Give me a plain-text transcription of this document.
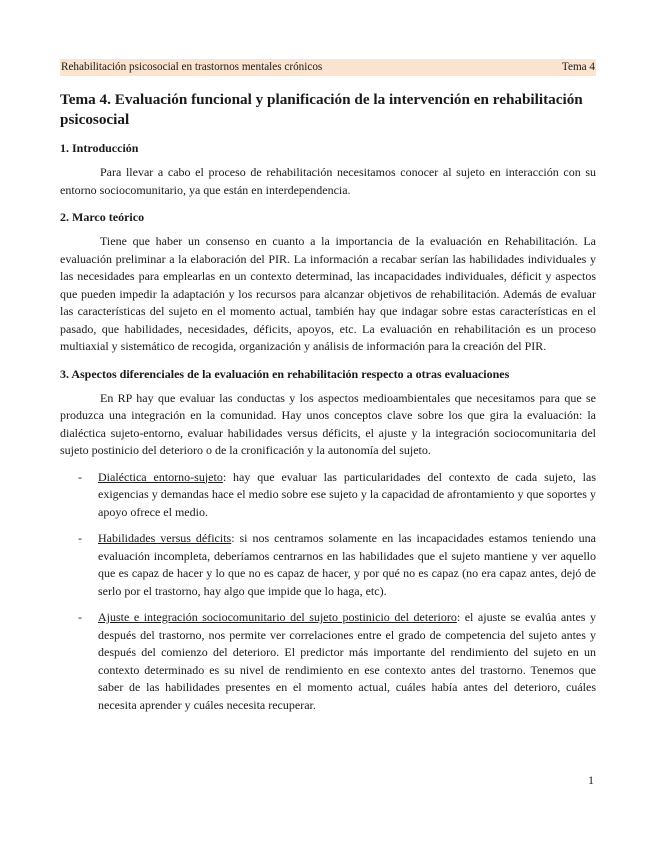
Rehabilitación psicosocial en trastornos mentales crónicos	Tema 4
Tema 4. Evaluación funcional y planificación de la intervención en rehabilitación psicosocial
1. Introducción

Para llevar a cabo el proceso de rehabilitación necesitamos conocer al sujeto en interacción con su entorno sociocomunitario, ya que están en interdependencia.

2. Marco teórico

Tiene que haber un consenso en cuanto a la importancia de la evaluación en Rehabilitación. La evaluación preliminar a la elaboración del PIR. La información a recabar serían las habilidades individuales y las necesidades para emplearlas en un contexto determinad, las incapacidades individuales, déficit y aspectos que pueden impedir la adaptación y los recursos para alcanzar objetivos de rehabilitación. Además de evaluar las características del sujeto en el momento actual, también hay que indagar sobre estas características en el pasado, que habilidades, necesidades, déficits, apoyos, etc. La evaluación en rehabilitación es un proceso multiaxial y sistemático de recogida, organización y análisis de información para la creación del PIR.

3. Aspectos diferenciales de la evaluación en rehabilitación respecto a otras evaluaciones

En RP hay que evaluar las conductas y los aspectos medioambientales que necesitamos para que se produzca una integración en la comunidad. Hay unos conceptos clave sobre los que gira la evaluación: la dialéctica sujeto-entorno, evaluar habilidades versus déficits, el ajuste y la integración sociocomunitaria del sujeto postinicio del deterioro o de la cronificación y la autonomía del sujeto.

- Dialéctica entorno-sujeto: hay que evaluar las particularidades del contexto de cada sujeto, las exigencias y demandas hace el medio sobre ese sujeto y la capacidad de afrontamiento y que soportes y apoyo ofrece el medio.
- Habilidades versus déficits: si nos centramos solamente en las incapacidades estamos teniendo una evaluación incompleta, deberíamos centrarnos en las habilidades que el sujeto mantiene y ver aquello que es capaz de hacer y lo que no es capaz de hacer, y por qué no es capaz (no era capaz antes, dejó de serlo por el trastorno, hay algo que impide que lo haga, etc).
- Ajuste e integración sociocomunitario del sujeto postinicio del deterioro: el ajuste se evalúa antes y después del trastorno, nos permite ver correlaciones entre el grado de competencia del sujeto antes y después del comienzo del deterioro. El predictor más importante del rendimiento del sujeto en un contexto determinado es su nivel de rendimiento en ese contexto antes del trastorno. Tenemos que saber de las habilidades presentes en el momento actual, cuáles había antes del deterioro, cuáles necesita aprender y cuáles necesita recuperar.
1
